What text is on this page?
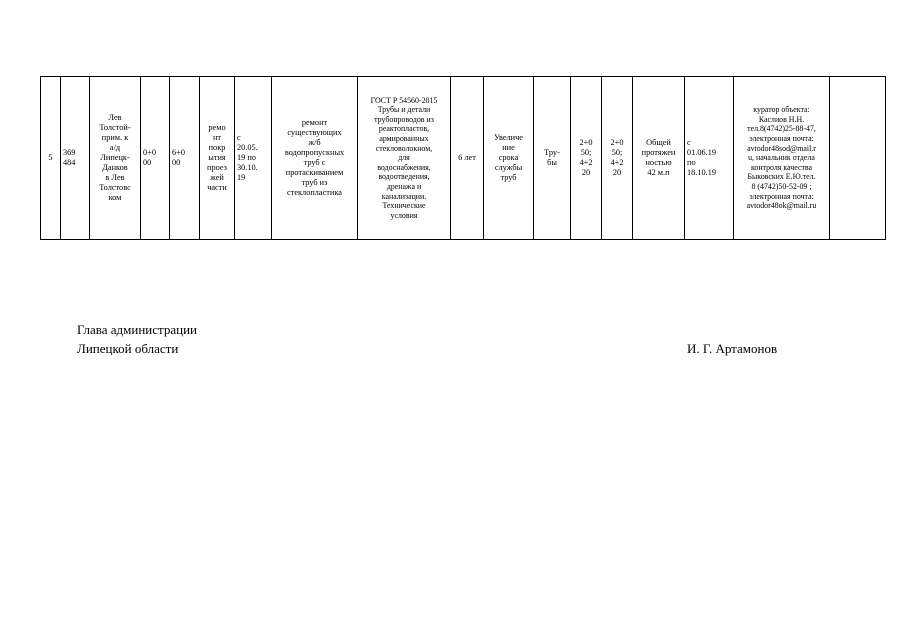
5	369
484	Лев
Толстой-
прим. к
а/д
Липецк-
Данков
в Лев
Толстовс
ком	0+0
00	6+0
00	ремо
нт
покр
ытия
проез
жей
части	с
20.05.
19 по
30.10.
19	ремонт
существующих
ж/б
водопропускных
труб с
протаскиванием
труб из
стеклопластика	ГОСТ Р 54560-2015
Трубы и детали
трубопроводов из
реактопластов,
армированных
стекловолокном,
для
водоснабжения,
водоотведения,
дренажа и
канализации.
Технические
условия	6 лет	Увеличе
ние
срока
службы
труб	Тру-
бы	2+0
50;
4+2
20	2+0
50;
4+2
20	Общей
протяжен
ностью
42 м.п	с
01.06.19
по
18.10.19	куратор объекта:
Каслиов Н.Н.
тел.8(4742)25-88-47,
электронная почта:
avtodor48sod@mail.r
u, начальник отдела
контроля качества
Быковских Е.Ю.тел.
8 (4742)50-52-09 ;
электронная почта:
avtodor48ok@mail.ru	
Глава администрации
Липецкой области	И. Г. Артамонов
